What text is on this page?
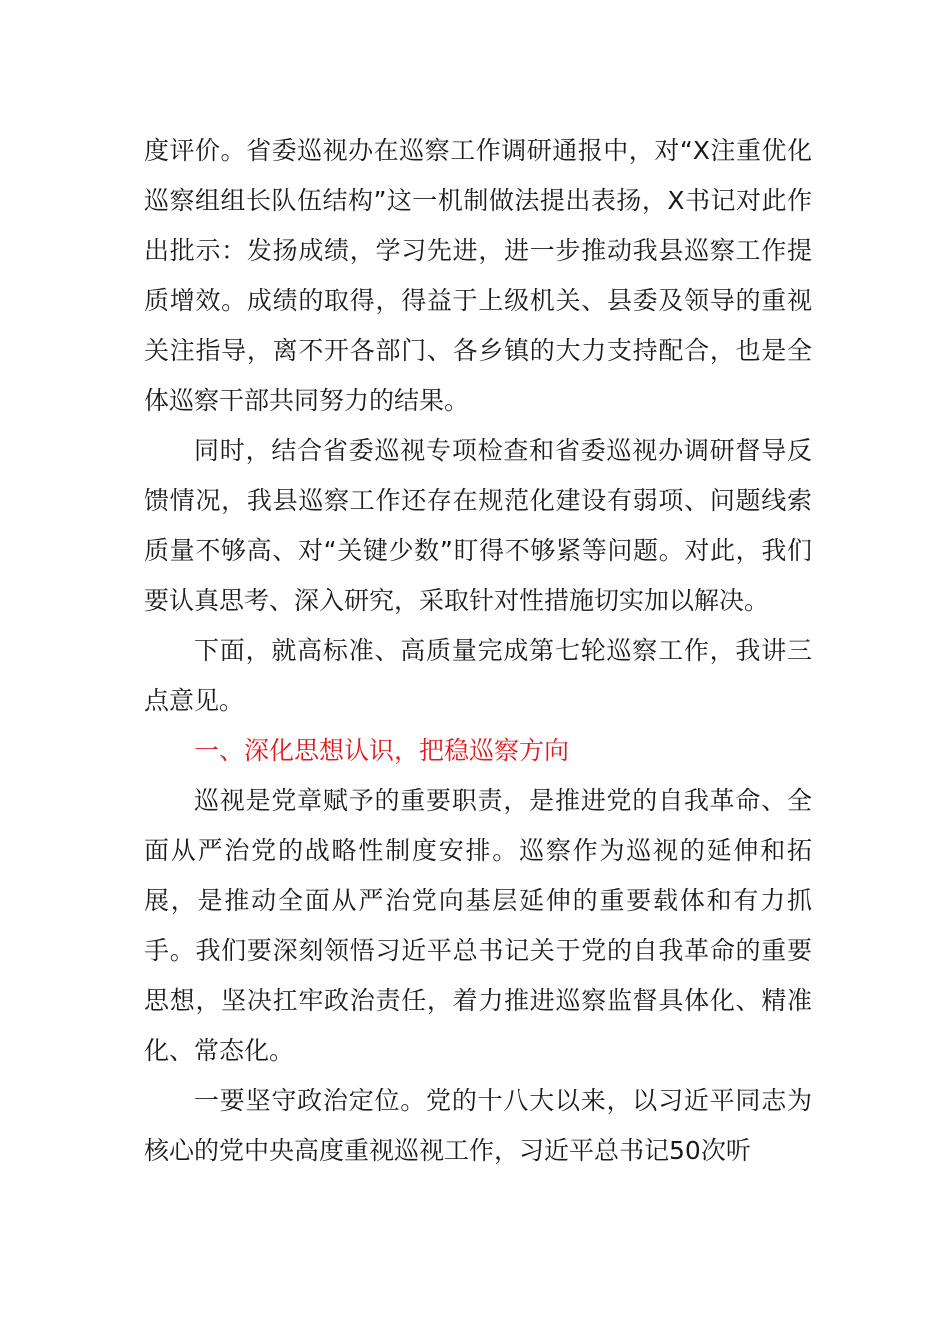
度评价。省委巡视办在巡察工作调研通报中，对“X注重优化巡察组组长队伍结构”这一机制做法提出表扬，X书记对此作出批示：发扬成绩，学习先进，进一步推动我县巡察工作提质增效。成绩的取得，得益于上级机关、县委及领导的重视关注指导，离不开各部门、各乡镇的大力支持配合，也是全体巡察干部共同努力的结果。

同时，结合省委巡视专项检查和省委巡视办调研督导反馈情况，我县巡察工作还存在规范化建设有弱项、问题线索质量不够高、对“关键少数”盯得不够紧等问题。对此，我们要认真思考、深入研究，采取针对性措施切实加以解决。

下面，就高标准、高质量完成第七轮巡察工作，我讲三点意见。

一、深化思想认识，把稳巡察方向

巡视是党章赋予的重要职责，是推进党的自我革命、全面从严治党的战略性制度安排。巡察作为巡视的延伸和拓展，是推动全面从严治党向基层延伸的重要载体和有力抓手。我们要深刻领悟习近平总书记关于党的自我革命的重要思想，坚决扛牢政治责任，着力推进巡察监督具体化、精准化、常态化。

一要坚守政治定位。党的十八大以来，以习近平同志为核心的党中央高度重视巡视工作，习近平总书记50次听
